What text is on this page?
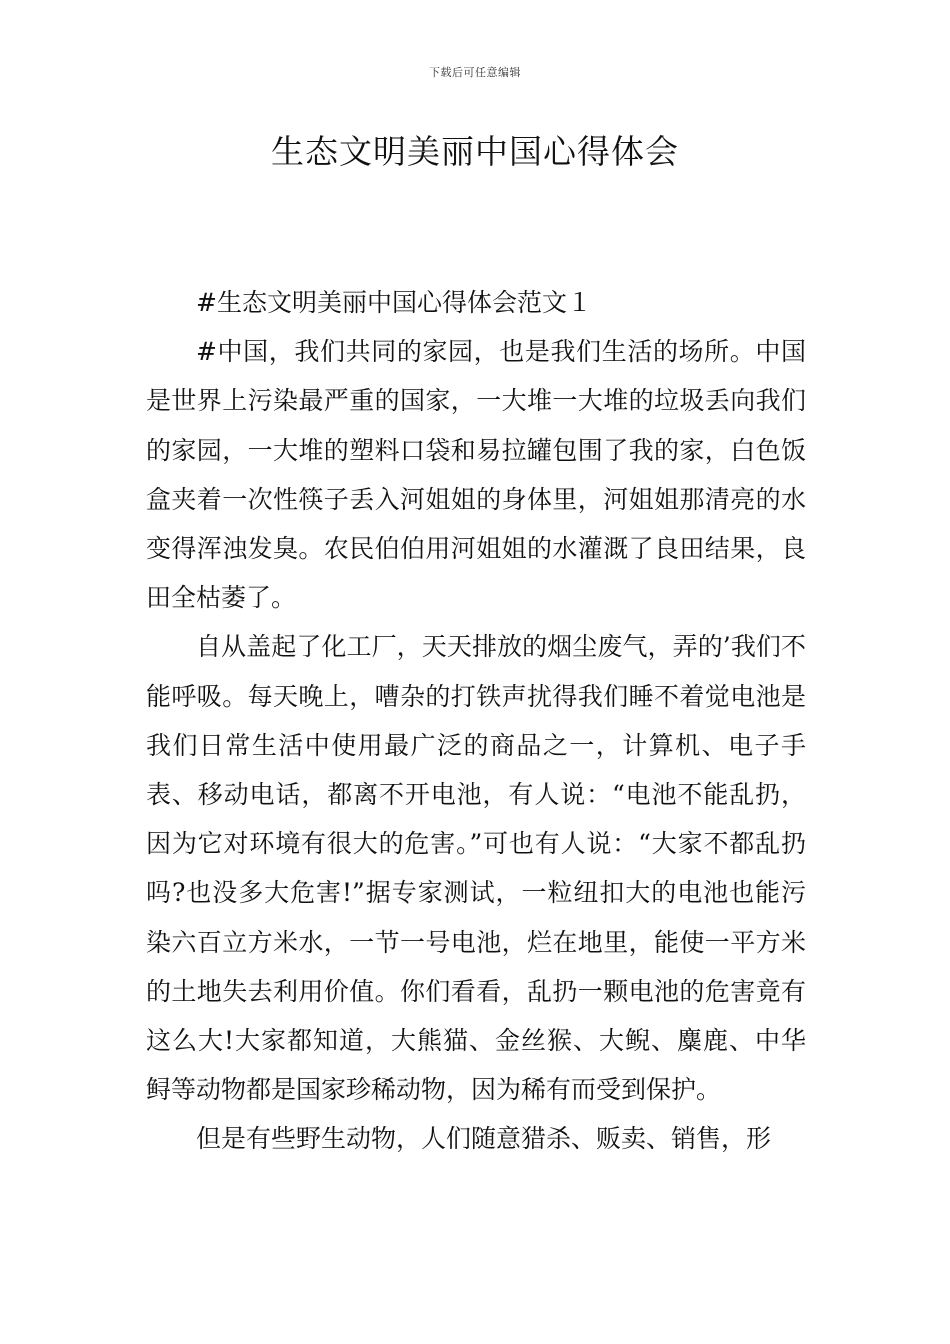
下载后可任意编辑
生态文明美丽中国心得体会

#生态文明美丽中国心得体会范文１

#中国，我们共同的家园，也是我们生活的场所。中国是世界上污染最严重的国家，一大堆一大堆的垃圾丢向我们的家园，一大堆的塑料口袋和易拉罐包围了我的家，白色饭盒夹着一次性筷子丢入河姐姐的身体里，河姐姐那清亮的水变得浑浊发臭。农民伯伯用河姐姐的水灌溉了良田结果，良田全枯萎了。

自从盖起了化工厂，天天排放的烟尘废气，弄的’我们不能呼吸。每天晚上，嘈杂的打铁声扰得我们睡不着觉电池是我们日常生活中使用最广泛的商品之一，计算机、电子手表、移动电话，都离不开电池，有人说：“电池不能乱扔，因为它对环境有很大的危害。”可也有人说：“大家不都乱扔吗?也没多大危害!”据专家测试，一粒纽扣大的电池也能污染六百立方米水，一节一号电池，烂在地里，能使一平方米的土地失去利用价值。你们看看，乱扔一颗电池的危害竟有这么大!大家都知道，大熊猫、金丝猴、大鲵、麋鹿、中华鲟等动物都是国家珍稀动物，因为稀有而受到保护。

但是有些野生动物，人们随意猎杀、贩卖、销售，形
